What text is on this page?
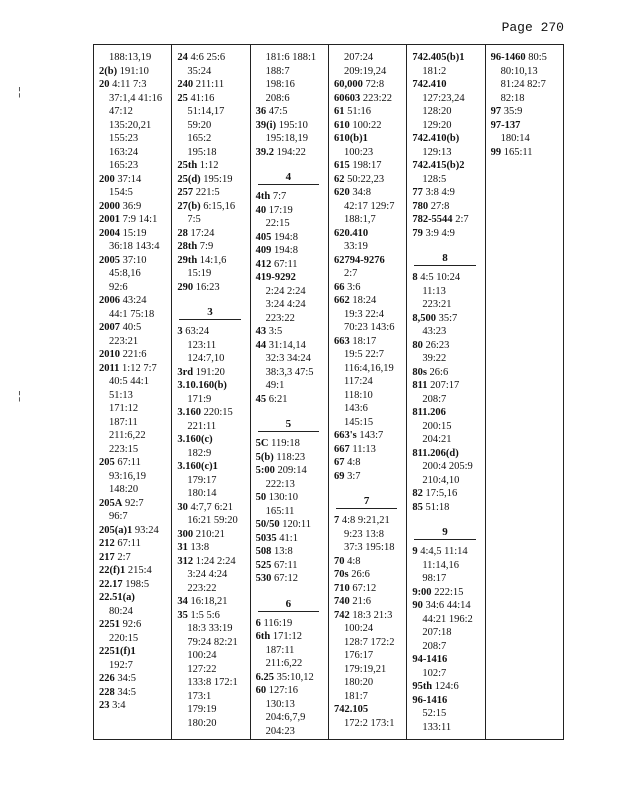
Page 270
188:13,19
2(b) 191:10
20 4:11 7:3
37:1,4 41:16
47:12
135:20,21
155:23
163:24
165:23
200 37:14
154:5
2000 36:9
2001 7:9 14:1
2004 15:19
36:18 143:4
2005 37:10
45:8,16
92:6
2006 43:24
44:1 75:18
2007 40:5
223:21
2010 221:6
2011 1:12 7:7
40:5 44:1
51:13
171:12
187:11
211:6,22
223:15
205 67:11
93:16,19
148:20
205A 92:7
96:7
205(a)1 93:24
212 67:11
217 2:7
22(f)1 215:4
22.17 198:5
22.51(a)
80:24
2251 92:6
220:15
2251(f)1
192:7
226 34:5
228 34:5
23 3:4
24 4:6 25:6
35:24
240 211:11
25 41:16
51:14,17
59:20
165:2
195:18
25th 1:12
25(d) 195:19
257 221:5
27(b) 6:15,16
7:5
28 17:24
28th 7:9
29th 14:1,6
15:19
290 16:23
3
3 63:24
123:11
124:7,10
3rd 191:20
3.10.160(b)
171:9
3.160 220:15
221:11
3.160(c)
182:9
3.160(c)1
179:17
180:14
30 4:7,7 6:21
16:21 59:20
300 210:21
31 13:8
312 1:24 2:24
3:24 4:24
223:22
34 16:18,21
35 1:5 5:6
18:3 33:19
79:24 82:21
100:24
127:22
133:8 172:1
173:1
179:19
180:20
181:6 188:1
188:7
198:16
208:6
36 47:5
39(i) 195:10
195:18,19
39.2 194:22
4
4th 7:7
40 17:19
22:15
405 194:8
409 194:8
412 67:11
419-9292
2:24 2:24
3:24 4:24
223:22
43 3:5
44 31:14,14
32:3 34:24
38:3,3 47:5
49:1
45 6:21
5
5C 119:18
5(b) 118:23
5:00 209:14
222:13
50 130:10
165:11
50/50 120:11
5035 41:1
508 13:8
525 67:11
530 67:12
6
6 116:19
6th 171:12
187:11
211:6,22
6.25 35:10,12
60 127:16
130:13
204:6,7,9
204:23
207:24
209:19,24
60,000 72:8
60603 223:22
61 51:16
610 100:22
610(b)1
100:23
615 198:17
62 50:22,23
620 34:8
42:17 129:7
188:1,7
620.410
33:19
62794-9276
2:7
66 3:6
662 18:24
19:3 22:4
70:23 143:6
663 18:17
19:5 22:7
116:4,16,19
117:24
118:10
143:6
145:15
663's 143:7
667 11:13
67 4:8
69 3:7
7
7 4:8 9:21,21
9:23 13:8
37:3 195:18
70 4:8
70s 26:6
710 67:12
740 21:6
742 18:3 21:3
100:24
128:7 172:2
176:17
179:19,21
180:20
181:7
742.105
172:2 173:1
742.405(b)1
181:2
742.410
127:23,24
128:20
129:20
742.410(b)
129:13
742.415(b)2
128:5
77 3:8 4:9
780 27:8
782-5544 2:7
79 3:9 4:9
8
8 4:5 10:24
11:13
223:21
8,500 35:7
43:23
80 26:23
39:22
80s 26:6
811 207:17
208:7
811.206
200:15
204:21
811.206(d)
200:4 205:9
210:4,10
82 17:5,16
85 51:18
9
9 4:4,5 11:14
11:14,16
98:17
9:00 222:15
90 34:6 44:14
44:21 196:2
207:18
208:7
94-1416
102:7
95th 124:6
96-1416
52:15
133:11
96-1460 80:5
80:10,13
81:24 82:7
82:18
97 35:9
97-137
180:14
99 165:11
¦
¦
